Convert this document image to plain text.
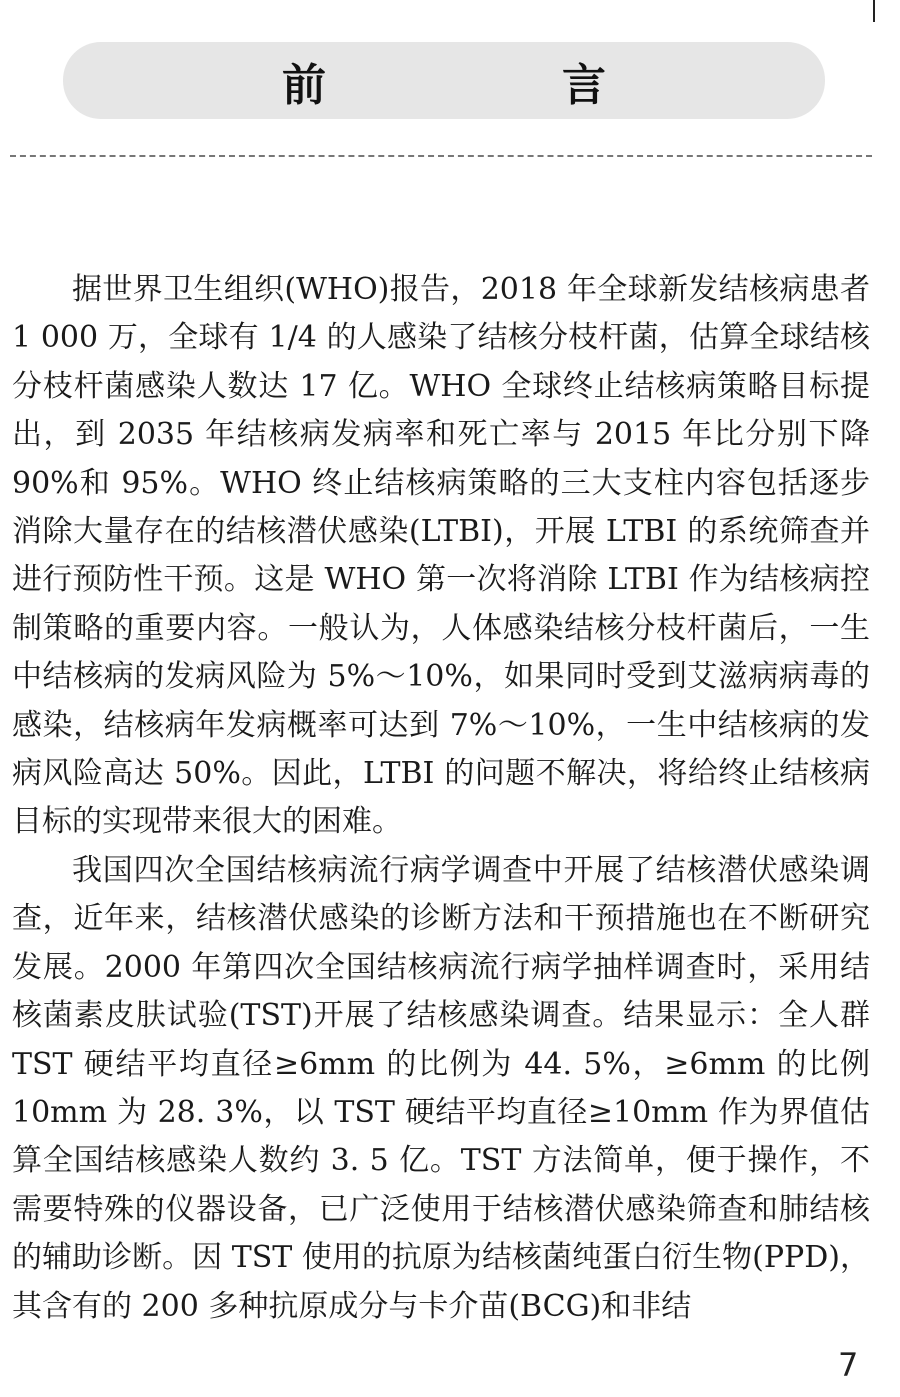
前　言

据世界卫生组织(WHO)报告，2018 年全球新发结核病患者 1 000 万，全球有 1/4 的人感染了结核分枝杆菌，估算全球结核分枝杆菌感染人数达 17 亿。WHO 全球终止结核病策略目标提出，到 2035 年结核病发病率和死亡率与 2015 年比分别下降 90%和 95%。WHO 终止结核病策略的三大支柱内容包括逐步消除大量存在的结核潜伏感染(LTBI)，开展 LTBI 的系统筛查并进行预防性干预。这是 WHO 第一次将消除 LTBI 作为结核病控制策略的重要内容。一般认为，人体感染结核分枝杆菌后，一生中结核病的发病风险为 5%～10%，如果同时受到艾滋病病毒的感染，结核病年发病概率可达到 7%～10%，一生中结核病的发病风险高达 50%。因此，LTBI 的问题不解决，将给终止结核病目标的实现带来很大的困难。

我国四次全国结核病流行病学调查中开展了结核潜伏感染调查，近年来，结核潜伏感染的诊断方法和干预措施也在不断研究发展。2000 年第四次全国结核病流行病学抽样调查时，采用结核菌素皮肤试验(TST)开展了结核感染调查。结果显示：全人群 TST 硬结平均直径≥6mm 的比例为 44. 5%，≥6mm 的比例 10mm 为 28. 3%，以 TST 硬结平均直径≥10mm 作为界值估算全国结核感染人数约 3. 5 亿。TST 方法简单，便于操作，不需要特殊的仪器设备，已广泛使用于结核潜伏感染筛查和肺结核的辅助诊断。因 TST 使用的抗原为结核菌纯蛋白衍生物(PPD)，其含有的 200 多种抗原成分与卡介苗(BCG)和非结

7
